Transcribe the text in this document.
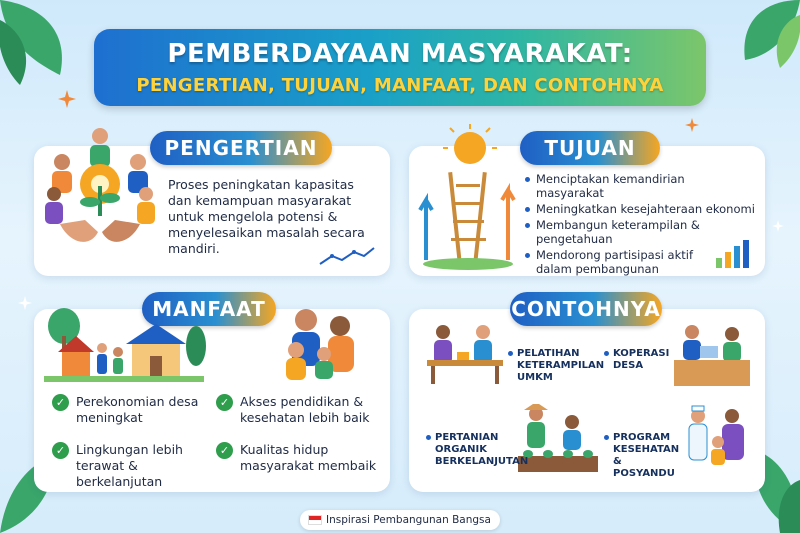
PEMBERDAYAAN MASYARAKAT:
PENGERTIAN, TUJUAN, MANFAAT, DAN CONTOHNYA
PENGERTIAN
Proses peningkatan kapasitas dan kemampuan masyarakat untuk mengelola potensi & menyelesaikan masalah secara mandiri.
TUJUAN
Menciptakan kemandirian masyarakat
Meningkatkan kesejahteraan ekonomi
Membangun keterampilan & pengetahuan
Mendorong partisipasi aktif dalam pembangunan
MANFAAT
✓ Perekonomian desa meningkat
✓ Akses pendidikan & kesehatan lebih baik
✓ Lingkungan lebih terawat & berkelanjutan
✓ Kualitas hidup masyarakat membaik
CONTOHNYA
PELATIHAN KETERAMPILAN UMKM
KOPERASI DESA
PERTANIAN ORGANIK BERKELANJUTAN
PROGRAM KESEHATAN & POSYANDU
Inspirasi Pembangunan Bangsa
